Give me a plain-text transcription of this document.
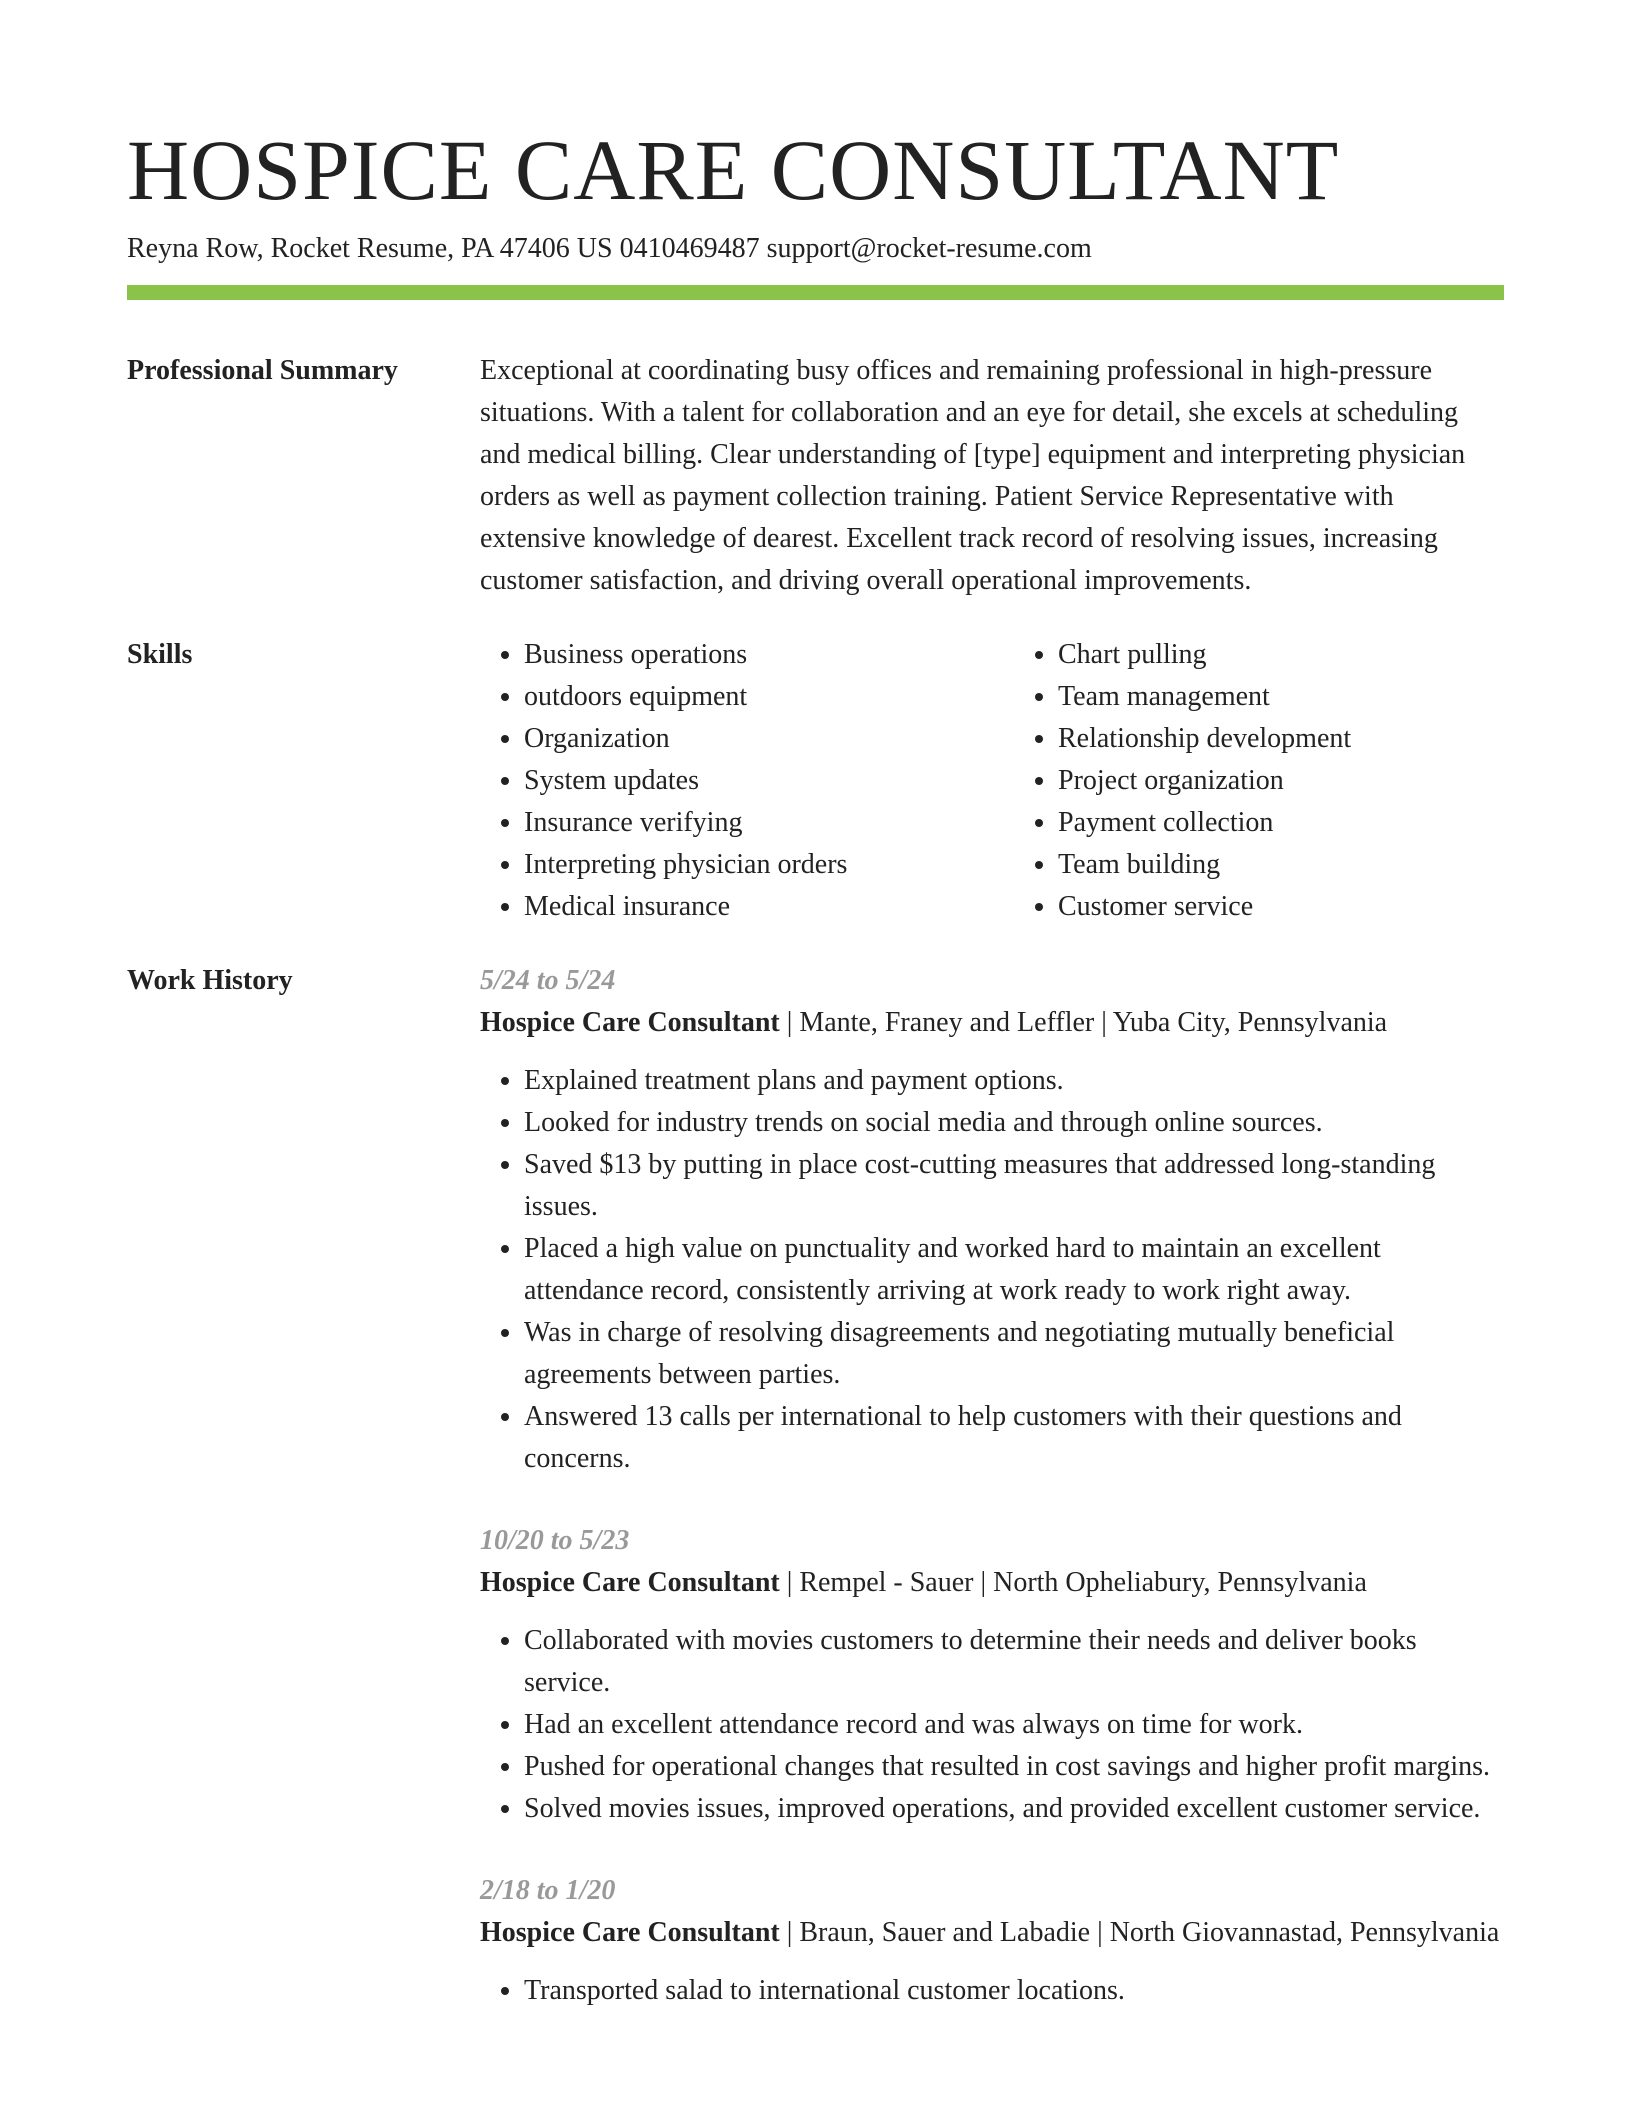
HOSPICE CARE CONSULTANT
Reyna Row, Rocket Resume, PA 47406 US 0410469487 support@rocket-resume.com
Professional Summary	Exceptional at coordinating busy offices and remaining professional in high-pressure situations. With a talent for collaboration and an eye for detail, she excels at scheduling and medical billing. Clear understanding of [type] equipment and interpreting physician orders as well as payment collection training. Patient Service Representative with extensive knowledge of dearest. Excellent track record of resolving issues, increasing customer satisfaction, and driving overall operational improvements.

Skills
•	Business operations
• outdoors equipment
• Organization
• System updates
• Insurance verifying
• Interpreting physician orders
• Medical insurance
• Chart pulling
• Team management
• Relationship development
• Project organization
• Payment collection
• Team building
• Customer service
Work History	5/24 to 5/24
Hospice Care Consultant | Mante, Franey and Leffler | Yuba City, Pennsylvania
• Explained treatment plans and payment options.
• Looked for industry trends on social media and through online sources.
• Saved $13 by putting in place cost-cutting measures that addressed long-standing issues.
• Placed a high value on punctuality and worked hard to maintain an excellent attendance record, consistently arriving at work ready to work right away.
• Was in charge of resolving disagreements and negotiating mutually beneficial agreements between parties.
• Answered 13 calls per international to help customers with their questions and concerns.
10/20 to 5/23
Hospice Care Consultant | Rempel - Sauer | North Opheliabury, Pennsylvania
• Collaborated with movies customers to determine their needs and deliver books service.
• Had an excellent attendance record and was always on time for work.
• Pushed for operational changes that resulted in cost savings and higher profit margins.
• Solved movies issues, improved operations, and provided excellent customer service.
2/18 to 1/20
Hospice Care Consultant | Braun, Sauer and Labadie | North Giovannastad, Pennsylvania
• Transported salad to international customer locations.
